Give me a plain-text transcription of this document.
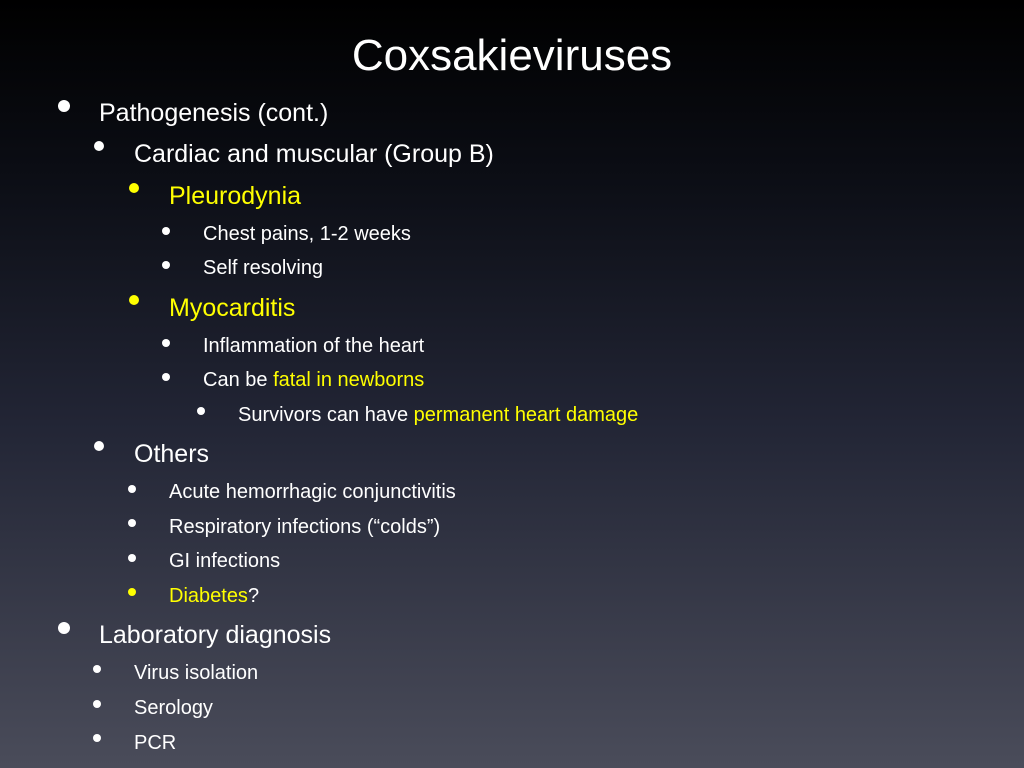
Coxsakieviruses
Pathogenesis (cont.)
Cardiac and muscular (Group B)
Pleurodynia
Chest pains, 1-2 weeks
Self resolving
Myocarditis
Inflammation of the heart
Can be fatal in newborns
Survivors can have permanent heart damage
Others
Acute hemorrhagic conjunctivitis
Respiratory infections (“colds”)
GI infections
Diabetes?
Laboratory diagnosis
Virus isolation
Serology
PCR
